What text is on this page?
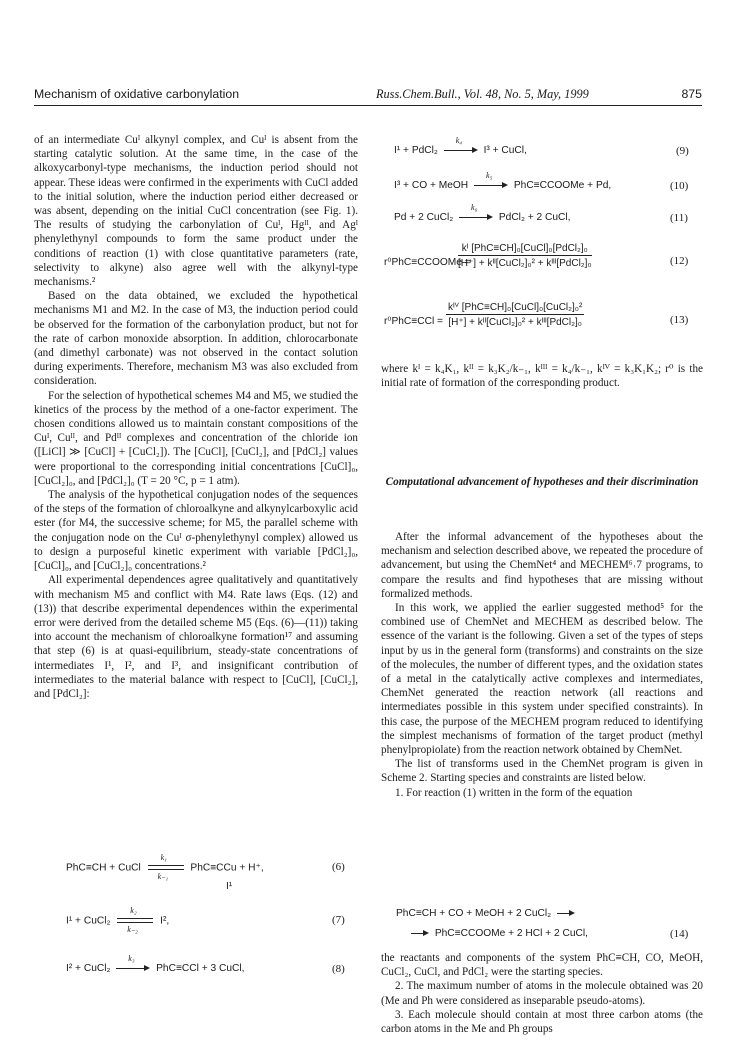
Mechanism of oxidative carbonylation	Russ.Chem.Bull., Vol. 48, No. 5, May, 1999	875

of an intermediate Cuᴵ alkynyl complex, and Cuᴵ is absent from the starting catalytic solution. At the same time, in the case of the alkoxycarbonyl-type mechanisms, the induction period should not appear. These ideas were confirmed in the experiments with CuCl added to the initial solution, where the induction period either decreased or was absent, depending on the initial CuCl concentration (see Fig. 1). The results of studying the carbonylation of Cuᴵ, Hgᴵᴵ, and Agᴵ phenylethynyl compounds to form the same product under the conditions of reaction (1) with close quantitative parameters (rate, selectivity to alkyne) also agree well with the alkynyl-type mechanisms.²

Based on the data obtained, we excluded the hypothetical mechanisms M1 and M2. In the case of M3, the induction period could be observed for the formation of the carbonylation product, but not for the rate of carbon monoxide absorption. In addition, chlorocarbonate (and dimethyl carbonate) was not observed in the contact solution during experiments. Therefore, mechanism M3 was also excluded from consideration.

For the selection of hypothetical schemes M4 and M5, we studied the kinetics of the process by the method of a one-factor experiment. The chosen conditions allowed us to maintain constant compositions of the Cuᴵ, Cuᴵᴵ, and Pdᴵᴵ complexes and concentration of the chloride ion ([LiCl] ≫ [CuCl] + [CuCl₂]). The [CuCl], [CuCl₂], and [PdCl₂] values were proportional to the corresponding initial concentrations [CuCl]₀, [CuCl₂]₀, and [PdCl₂]₀ (T = 20 °C, p = 1 atm).

The analysis of the hypothetical conjugation nodes of the sequences of the steps of the formation of chloroalkyne and alkynylcarboxylic acid ester (for M4, the successive scheme; for M5, the parallel scheme with the conjugation node on the Cuᴵ σ-phenylethynyl complex) allowed us to design a purposeful kinetic experiment with variable [PdCl₂]₀, [CuCl]₀, and [CuCl₂]₀ concentrations.²

All experimental dependences agree qualitatively and quantitatively with mechanism M5 and conflict with M4. Rate laws (Eqs. (12) and (13)) that describe experimental dependences within the experimental error were derived from the detailed scheme M5 (Eqs. (6)—(11)) taking into account the mechanism of chloroalkyne formation¹⁷ and assuming that step (6) is at quasi-equilibrium, steady-state concentrations of intermediates I¹, I², and I³, and insignificant contribution of intermediates to the material balance with respect to [CuCl], [CuCl₂], and [PdCl₂]:

PhC≡CH + CuCl
k₁
k₋₁
PhC≡CCu + H⁺,
I¹
(6)
I¹ + CuCl₂
k₂
k₋₂
I²,	(7)
I² + CuCl₂
k₃
PhC≡CCl + 3 CuCl,	(8)
I¹ + PdCl₂
k₄
I³ + CuCl,	(9)
I³ + CO + MeOH
k₅
PhC≡CCOOMe + Pd,	(10)
Pd + 2 CuCl₂
k₆
PdCl₂ + 2 CuCl,	(11)
r⁰PhC≡CCOOMe =
kᴵ [PhC≡CH]₀[CuCl]₀[PdCl₂]₀
[H⁺] + kᴵᴵ[CuCl₂]₀² + kᴵᴵᴵ[PdCl₂]₀	(12)
r⁰PhC≡CCl =
kᴵⱽ [PhC≡CH]₀[CuCl]₀[CuCl₂]₀²
[H⁺] + kᴵᴵ[CuCl₂]₀² + kᴵᴵᴵ[PdCl₂]₀	(13)
where kᴵ = k₄K₁, kᴵᴵ = k₃K₂/k₋₁, kᴵᴵᴵ = k₄/k₋₁, kᴵⱽ = k₃K₁K₂; r⁰ is the initial rate of formation of the corresponding product.
Computational advancement of hypotheses and their discrimination

After the informal advancement of the hypotheses about the mechanism and selection described above, we repeated the procedure of advancement, but using the ChemNet⁴ and MECHEM⁶˒7 programs, to compare the results and find hypotheses that are missing without formalized methods.

In this work, we applied the earlier suggested method⁵ for the combined use of ChemNet and MECHEM as described below. The essence of the variant is the following. Given a set of the types of steps input by us in the general form (transforms) and constraints on the size of the molecules, the number of different types, and the oxidation states of a metal in the catalytically active complexes and intermediates, ChemNet generated the reaction network (all reactions and intermediates possible in this system under specified constraints). In this case, the purpose of the MECHEM program reduced to identifying the simplest mechanisms of formation of the target product (methyl phenylpropiolate) from the reaction network obtained by ChemNet.

The list of transforms used in the ChemNet program is given in Scheme 2. Starting species and constraints are listed below.

1. For reaction (1) written in the form of the equation

PhC≡CH + CO + MeOH + 2 CuCl₂
PhC≡CCOOMe + 2 HCl + 2 CuCl,	(14)

the reactants and components of the system PhC≡CH, CO, MeOH, CuCl₂, CuCl, and PdCl₂ were the starting species.

2. The maximum number of atoms in the molecule obtained was 20 (Me and Ph were considered as inseparable pseudo-atoms).

3. Each molecule should contain at most three carbon atoms (the carbon atoms in the Me and Ph groups
